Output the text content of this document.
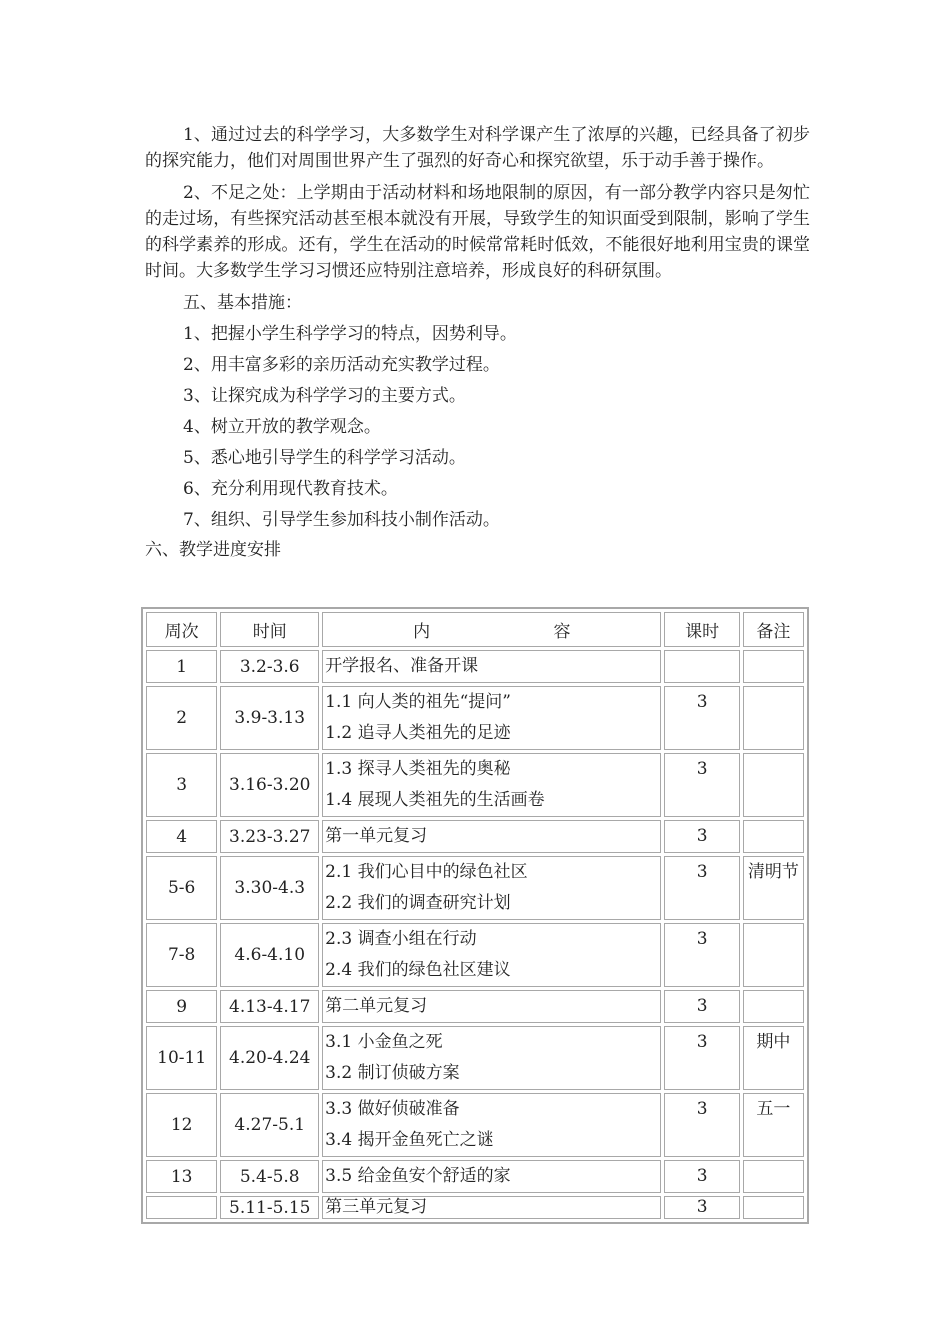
1、通过过去的科学学习，大多数学生对科学课产生了浓厚的兴趣，已经具备了初步的探究能力，他们对周围世界产生了强烈的好奇心和探究欲望，乐于动手善于操作。

2、不足之处：上学期由于活动材料和场地限制的原因，有一部分教学内容只是匆忙的走过场，有些探究活动甚至根本就没有开展，导致学生的知识面受到限制，影响了学生的科学素养的形成。还有，学生在活动的时候常常耗时低效，不能很好地利用宝贵的课堂时间。大多数学生学习习惯还应特别注意培养，形成良好的科研氛围。

五、基本措施：
1、把握小学生科学学习的特点，因势利导。
2、用丰富多彩的亲历活动充实教学过程。
3、让探究成为科学学习的主要方式。
4、树立开放的教学观念。
5、悉心地引导学生的科学学习活动。
6、充分利用现代教育技术。
7、组织、引导学生参加科技小制作活动。
六、教学进度安排
周次	时间	内 容	课时	备注
1	3.2-3.6	开学报名、准备开课		

2	3.9-3.13	1.1 向人类的祖先“提问”
1.2 追寻人类祖先的足迹	3	
3	3.16-3.20	1.3 探寻人类祖先的奥秘
1.4 展现人类祖先的生活画卷	3	
4	3.23-3.27	第一单元复习	3	
5-6	3.30-4.3	2.1 我们心目中的绿色社区
2.2 我们的调查研究计划	3	清明节
7-8	4.6-4.10	2.3 调查小组在行动
2.4 我们的绿色社区建议	3	
9	4.13-4.17	第二单元复习	3	
10-11	4.20-4.24	3.1 小金鱼之死
3.2 制订侦破方案	3	期中
12	4.27-5.1	3.3 做好侦破准备
3.4 揭开金鱼死亡之谜	3	五一
13	5.4-5.8	3.5 给金鱼安个舒适的家	3	
	5.11-5.15	第三单元复习	3	
